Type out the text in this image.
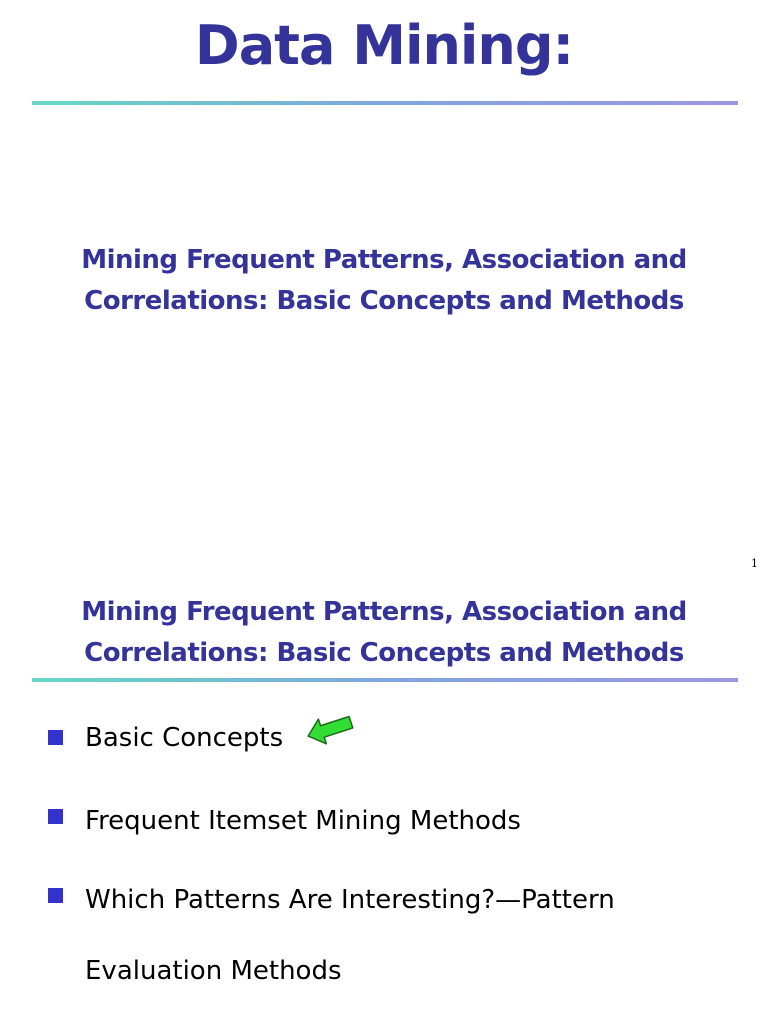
Data Mining:
Mining Frequent Patterns, Association and
Correlations: Basic Concepts and Methods
1
Mining Frequent Patterns, Association and
Correlations: Basic Concepts and Methods
Basic Concepts
Frequent Itemset Mining Methods
Which Patterns Are Interesting?—Pattern
Evaluation Methods
